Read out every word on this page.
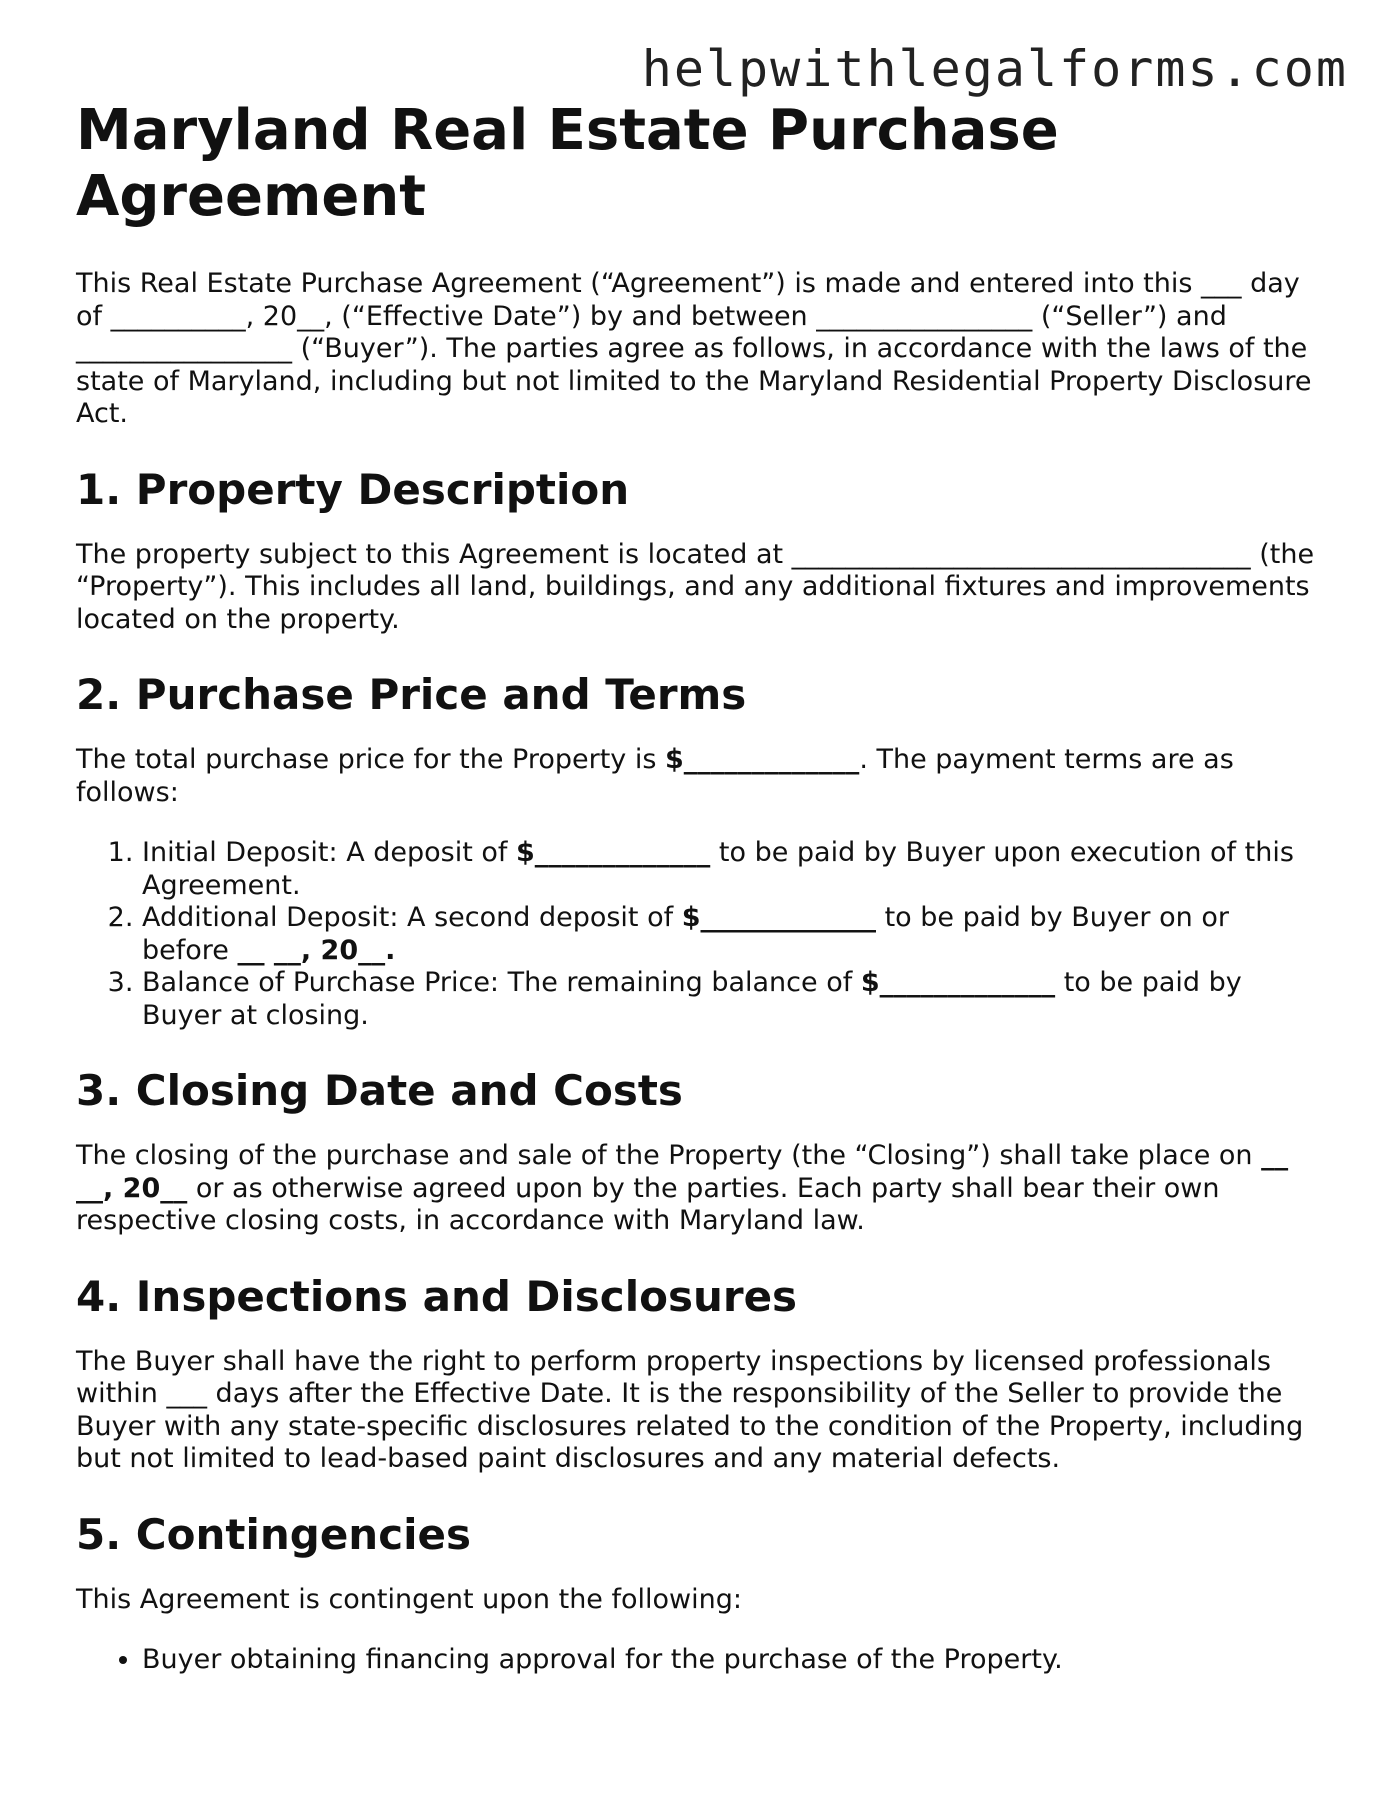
helpwithlegalforms.com
Maryland Real Estate Purchase Agreement

This Real Estate Purchase Agreement (“Agreement”) is made and entered into this ___ day of __________, 20__, (“Effective Date”) by and between ________________ (“Seller”) and ________________ (“Buyer”). The parties agree as follows, in accordance with the laws of the state of Maryland, including but not limited to the Maryland Residential Property Disclosure Act.

1. Property Description

The property subject to this Agreement is located at __________________________________ (the “Property”). This includes all land, buildings, and any additional fixtures and improvements located on the property.

2. Purchase Price and Terms

The total purchase price for the Property is $_____________. The payment terms are as follows:

1. Initial Deposit: A deposit of $_____________ to be paid by Buyer upon execution of this Agreement.
2. Additional Deposit: A second deposit of $_____________ to be paid by Buyer on or before __ __, 20__.
3. Balance of Purchase Price: The remaining balance of $_____________ to be paid by Buyer at closing.
3. Closing Date and Costs

The closing of the purchase and sale of the Property (the “Closing”) shall take place on __ __, 20__ or as otherwise agreed upon by the parties. Each party shall bear their own respective closing costs, in accordance with Maryland law.

4. Inspections and Disclosures

The Buyer shall have the right to perform property inspections by licensed professionals within ___ days after the Effective Date. It is the responsibility of the Seller to provide the Buyer with any state-specific disclosures related to the condition of the Property, including but not limited to lead-based paint disclosures and any material defects.

5. Contingencies

This Agreement is contingent upon the following:

• Buyer obtaining financing approval for the purchase of the Property.
